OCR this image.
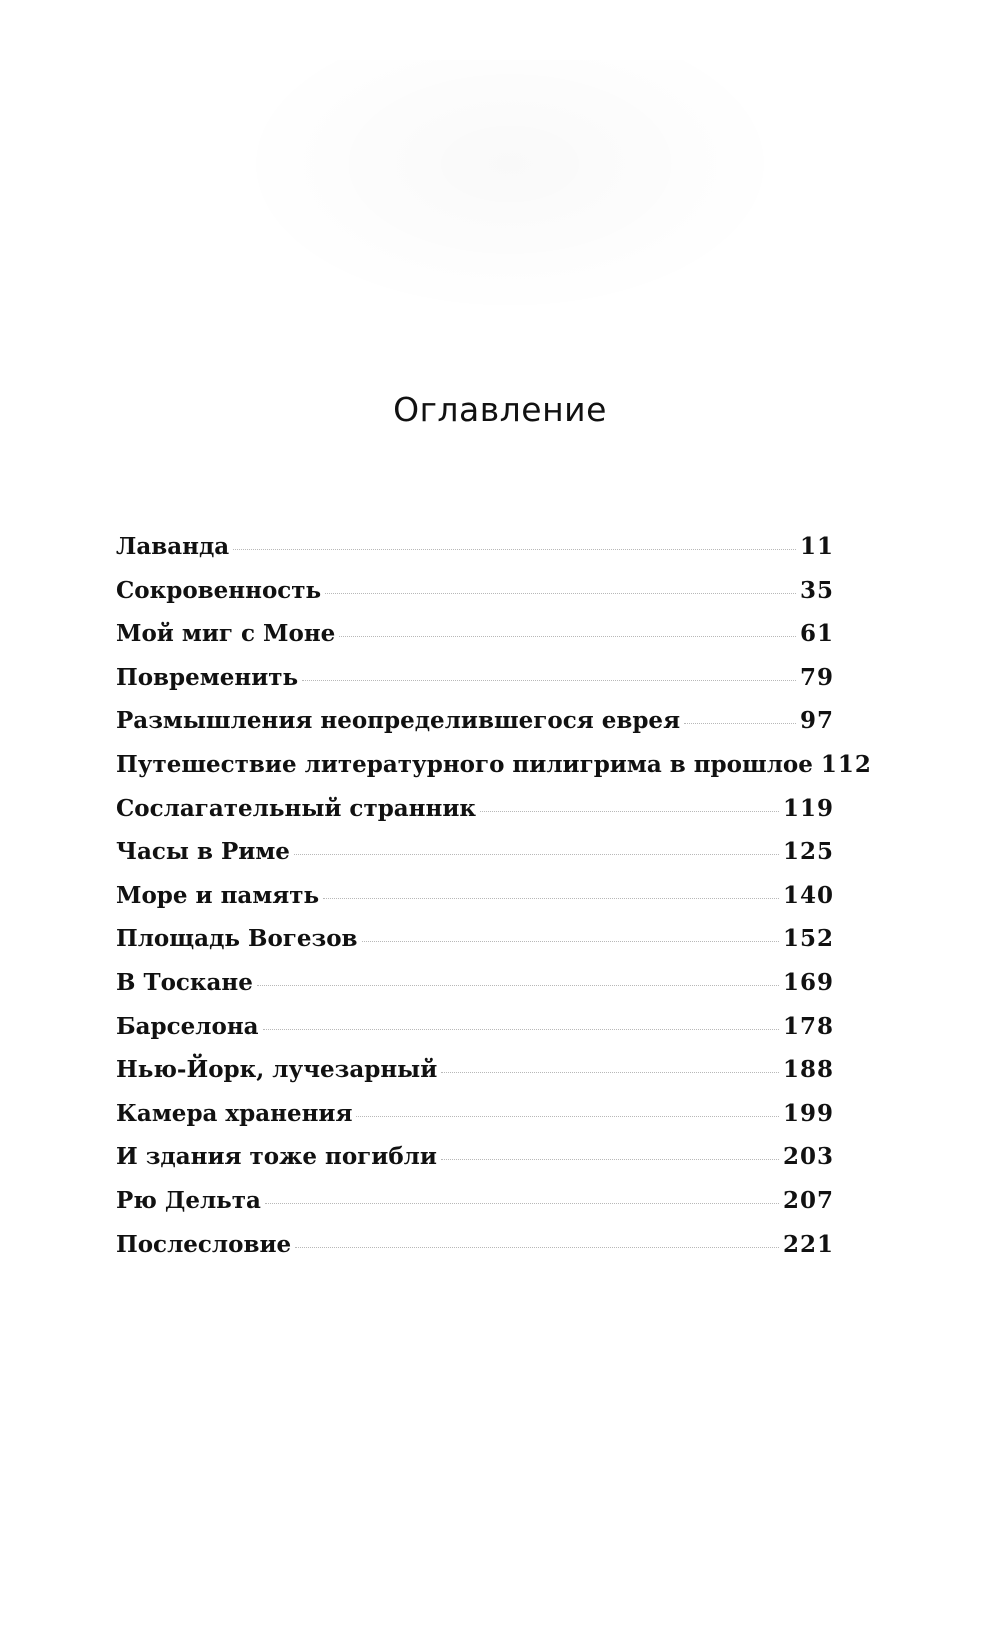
Оглавление
Лаванда	11
Сокровенность	35
Мой миг с Моне	61
Повременить	79
Размышления неопределившегося еврея	97
Путешествие литературного пилигрима в прошлое 112
Сослагательный странник	119
Часы в Риме	125
Море и память	140
Площадь Вогезов	152
В Тоскане	169
Барселона	178
Нью-Йорк, лучезарный	188
Камера хранения	199
И здания тоже погибли	203
Рю Дельта	207
Послесловие	221
